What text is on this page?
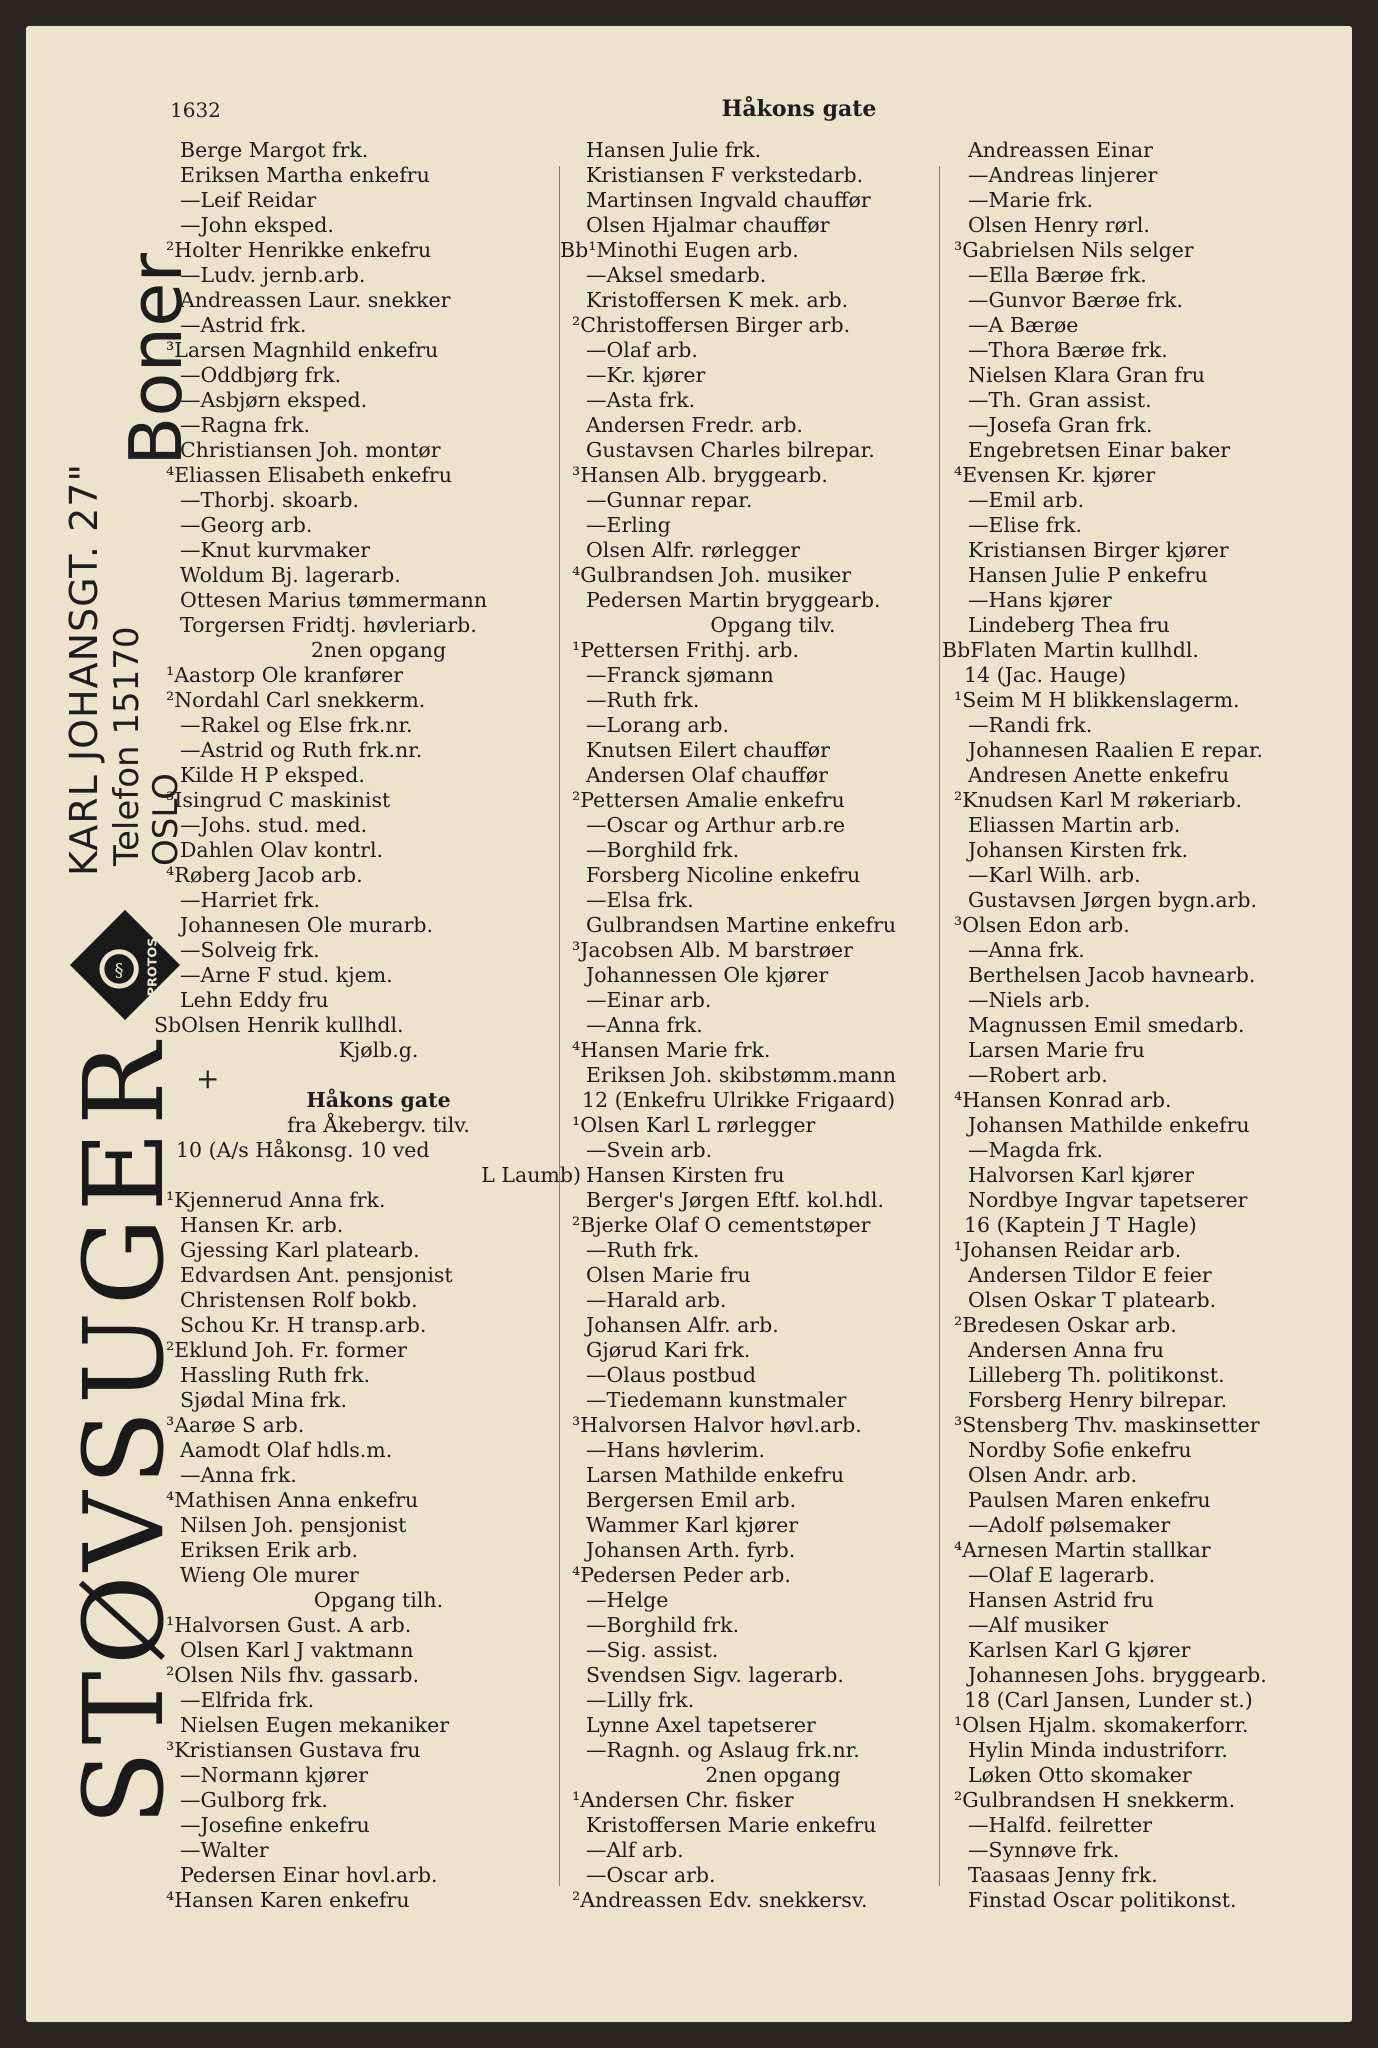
1632	Håkons gate
STØVSUGER
Boner
KARL JOHANSGT. 27" Telefon 15170 OSLO
§ PROTOS
+
Berge Margot frk.
Eriksen Martha enkefru
—Leif Reidar
—John eksped.
²Holter Henrikke enkefru
—Ludv. jernb.arb.
Andreassen Laur. snekker
—Astrid frk.
³Larsen Magnhild enkefru
—Oddbjørg frk.
—Asbjørn eksped.
—Ragna frk.
Christiansen Joh. montør
⁴Eliassen Elisabeth enkefru
—Thorbj. skoarb.
—Georg arb.
—Knut kurvmaker
Woldum Bj. lagerarb.
Ottesen Marius tømmermann
Torgersen Fridtj. høvleriarb.
2nen opgang
¹Aastorp Ole kranfører
²Nordahl Carl snekkerm.
—Rakel og Else frk.nr.
—Astrid og Ruth frk.nr.
Kilde H P eksped.
³Isingrud C maskinist
—Johs. stud. med.
Dahlen Olav kontrl.
⁴Røberg Jacob arb.
—Harriet frk.
Johannesen Ole murarb.
—Solveig frk.
—Arne F stud. kjem.
Lehn Eddy fru
SbOlsen Henrik kullhdl.
Kjølb.g.
Håkons gate
fra Åkebergv. tilv.
10 (A/s Håkonsg. 10 ved
L Laumb)
¹Kjennerud Anna frk.
Hansen Kr. arb.
Gjessing Karl platearb.
Edvardsen Ant. pensjonist
Christensen Rolf bokb.
Schou Kr. H transp.arb.
²Eklund Joh. Fr. former
Hassling Ruth frk.
Sjødal Mina frk.
³Aarøe S arb.
Aamodt Olaf hdls.m.
—Anna frk.
⁴Mathisen Anna enkefru
Nilsen Joh. pensjonist
Eriksen Erik arb.
Wieng Ole murer
Opgang tilh.
¹Halvorsen Gust. A arb.
Olsen Karl J vaktmann
²Olsen Nils fhv. gassarb.
—Elfrida frk.
Nielsen Eugen mekaniker
³Kristiansen Gustava fru
—Normann kjører
—Gulborg frk.
—Josefine enkefru
—Walter
Pedersen Einar hovl.arb.
⁴Hansen Karen enkefru
Hansen Julie frk.
Kristiansen F verkstedarb.
Martinsen Ingvald chauffør
Olsen Hjalmar chauffør
Bb¹Minothi Eugen arb.
—Aksel smedarb.
Kristoffersen K mek. arb.
²Christoffersen Birger arb.
—Olaf arb.
—Kr. kjører
—Asta frk.
Andersen Fredr. arb.
Gustavsen Charles bilrepar.
³Hansen Alb. bryggearb.
—Gunnar repar.
—Erling
Olsen Alfr. rørlegger
⁴Gulbrandsen Joh. musiker
Pedersen Martin bryggearb.
Opgang tilv.
¹Pettersen Frithj. arb.
—Franck sjømann
—Ruth frk.
—Lorang arb.
Knutsen Eilert chauffør
Andersen Olaf chauffør
²Pettersen Amalie enkefru
—Oscar og Arthur arb.re
—Borghild frk.
Forsberg Nicoline enkefru
—Elsa frk.
Gulbrandsen Martine enkefru
³Jacobsen Alb. M barstrøer
Johannessen Ole kjører
—Einar arb.
—Anna frk.
⁴Hansen Marie frk.
Eriksen Joh. skibstømm.mann
12 (Enkefru Ulrikke Frigaard)
¹Olsen Karl L rørlegger
—Svein arb.
Hansen Kirsten fru
Berger's Jørgen Eftf. kol.hdl.
²Bjerke Olaf O cementstøper
—Ruth frk.
Olsen Marie fru
—Harald arb.
Johansen Alfr. arb.
Gjørud Kari frk.
—Olaus postbud
—Tiedemann kunstmaler
³Halvorsen Halvor høvl.arb.
—Hans høvlerim.
Larsen Mathilde enkefru
Bergersen Emil arb.
Wammer Karl kjører
Johansen Arth. fyrb.
⁴Pedersen Peder arb.
—Helge
—Borghild frk.
—Sig. assist.
Svendsen Sigv. lagerarb.
—Lilly frk.
Lynne Axel tapetserer
—Ragnh. og Aslaug frk.nr.
2nen opgang
¹Andersen Chr. fisker
Kristoffersen Marie enkefru
—Alf arb.
—Oscar arb.
²Andreassen Edv. snekkersv.
Andreassen Einar
—Andreas linjerer
—Marie frk.
Olsen Henry rørl.
³Gabrielsen Nils selger
—Ella Bærøe frk.
—Gunvor Bærøe frk.
—A Bærøe
—Thora Bærøe frk.
Nielsen Klara Gran fru
—Th. Gran assist.
—Josefa Gran frk.
Engebretsen Einar baker
⁴Evensen Kr. kjører
—Emil arb.
—Elise frk.
Kristiansen Birger kjører
Hansen Julie P enkefru
—Hans kjører
Lindeberg Thea fru
BbFlaten Martin kullhdl.
14 (Jac. Hauge)
¹Seim M H blikkenslagerm.
—Randi frk.
Johannesen Raalien E repar.
Andresen Anette enkefru
²Knudsen Karl M røkeriarb.
Eliassen Martin arb.
Johansen Kirsten frk.
—Karl Wilh. arb.
Gustavsen Jørgen bygn.arb.
³Olsen Edon arb.
—Anna frk.
Berthelsen Jacob havnearb.
—Niels arb.
Magnussen Emil smedarb.
Larsen Marie fru
—Robert arb.
⁴Hansen Konrad arb.
Johansen Mathilde enkefru
—Magda frk.
Halvorsen Karl kjører
Nordbye Ingvar tapetserer
16 (Kaptein J T Hagle)
¹Johansen Reidar arb.
Andersen Tildor E feier
Olsen Oskar T platearb.
²Bredesen Oskar arb.
Andersen Anna fru
Lilleberg Th. politikonst.
Forsberg Henry bilrepar.
³Stensberg Thv. maskinsetter
Nordby Sofie enkefru
Olsen Andr. arb.
Paulsen Maren enkefru
—Adolf pølsemaker
⁴Arnesen Martin stallkar
—Olaf E lagerarb.
Hansen Astrid fru
—Alf musiker
Karlsen Karl G kjører
Johannesen Johs. bryggearb.
18 (Carl Jansen, Lunder st.)
¹Olsen Hjalm. skomakerforr.
Hylin Minda industriforr.
Løken Otto skomaker
²Gulbrandsen H snekkerm.
—Halfd. feilretter
—Synnøve frk.
Taasaas Jenny frk.
Finstad Oscar politikonst.
